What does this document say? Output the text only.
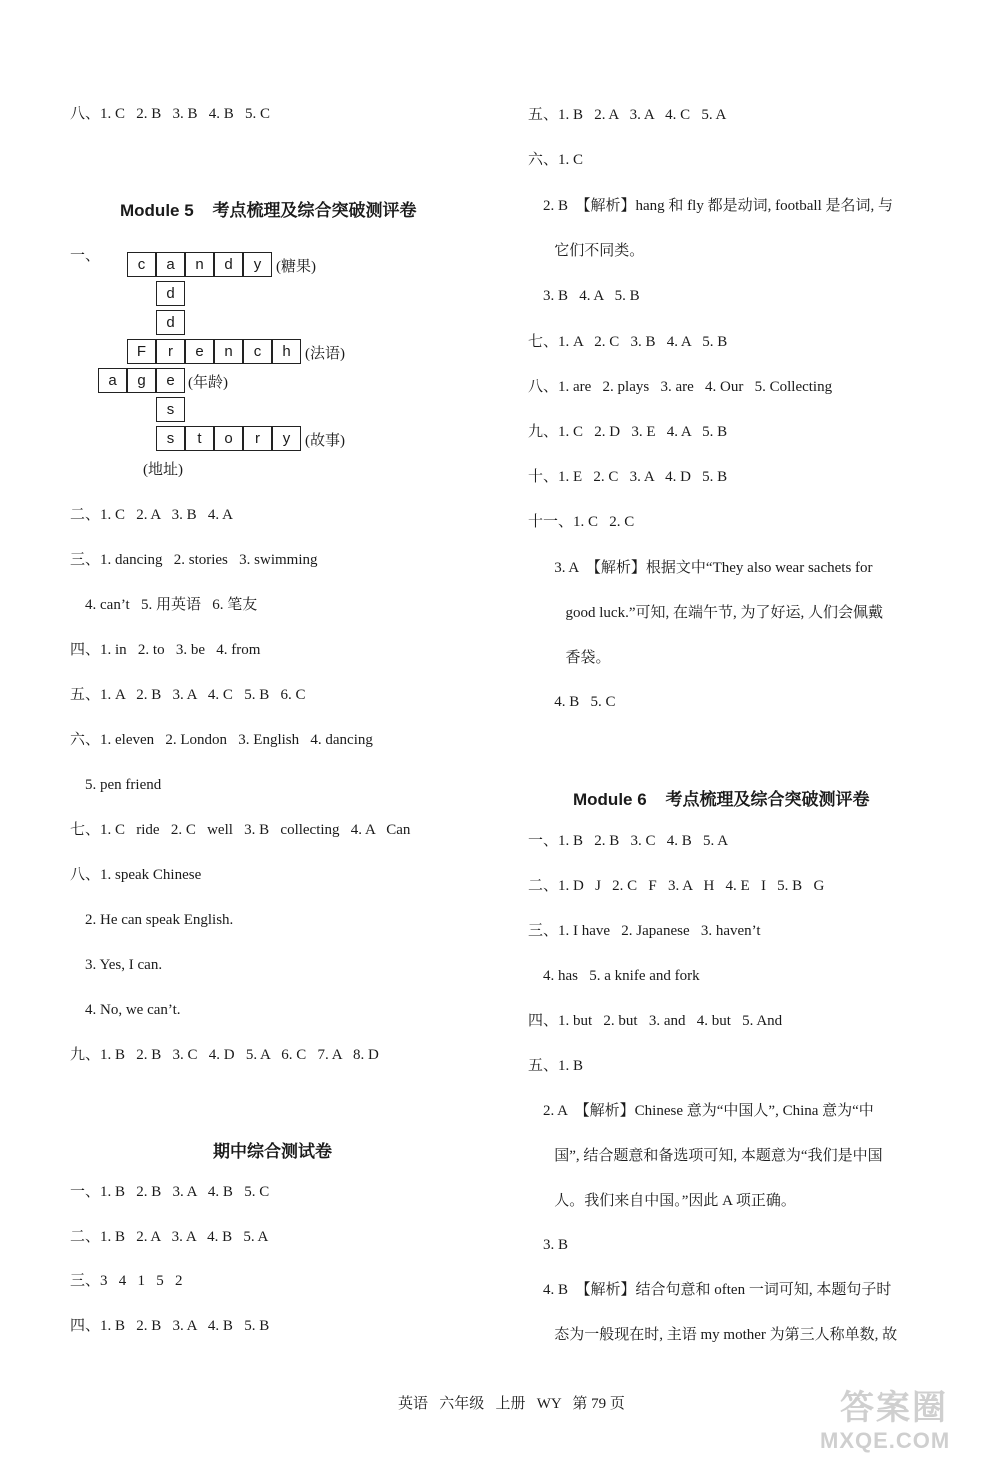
八、1. C   2. B   3. B   4. B   5. C
Module 5    考点梳理及综合突破测评卷
一、	c	a	n	d	y (糖果)
d
d
F	r	e	n	c	h (法语)
a	g	e (年龄)
s
s	t	o	r	y (故事)
(地址)
二、1. C   2. A   3. B   4. A
三、1. dancing   2. stories   3. swimming
4. can’t   5. 用英语   6. 笔友
四、1. in   2. to   3. be   4. from
五、1. A   2. B   3. A   4. C   5. B   6. C
六、1. eleven   2. London   3. English   4. dancing
5. pen friend
七、1. C   ride   2. C   well   3. B   collecting   4. A   Can
八、1. speak Chinese
2. He can speak English.
3. Yes, I can.
4. No, we can’t.
九、1. B   2. B   3. C   4. D   5. A   6. C   7. A   8. D
期中综合测试卷
一、1. B   2. B   3. A   4. B   5. C
二、1. B   2. A   3. A   4. B   5. A
三、3   4   1   5   2
四、1. B   2. B   3. A   4. B   5. B
五、1. B   2. A   3. A   4. C   5. A
六、1. C
2. B  【解析】hang 和 fly 都是动词, football 是名词, 与
它们不同类。
3. B   4. A   5. B
七、1. A   2. C   3. B   4. A   5. B
八、1. are   2. plays   3. are   4. Our   5. Collecting
九、1. C   2. D   3. E   4. A   5. B
十、1. E   2. C   3. A   4. D   5. B
十一、1. C   2. C
3. A  【解析】根据文中“They also wear sachets for
good luck.”可知, 在端午节, 为了好运, 人们会佩戴
香袋。
4. B   5. C
Module 6    考点梳理及综合突破测评卷
一、1. B   2. B   3. C   4. B   5. A
二、1. D   J   2. C   F   3. A   H   4. E   I   5. B   G
三、1. I have   2. Japanese   3. haven’t
4. has   5. a knife and fork
四、1. but   2. but   3. and   4. but   5. And
五、1. B
2. A  【解析】Chinese 意为“中国人”, China 意为“中
国”, 结合题意和备选项可知, 本题意为“我们是中国
人。我们来自中国。”因此 A 项正确。
3. B
4. B  【解析】结合句意和 often 一词可知, 本题句子时
态为一般现在时, 主语 my mother 为第三人称单数, 故
英语   六年级   上册   WY   第 79 页	答案圈
MXQE.COM
